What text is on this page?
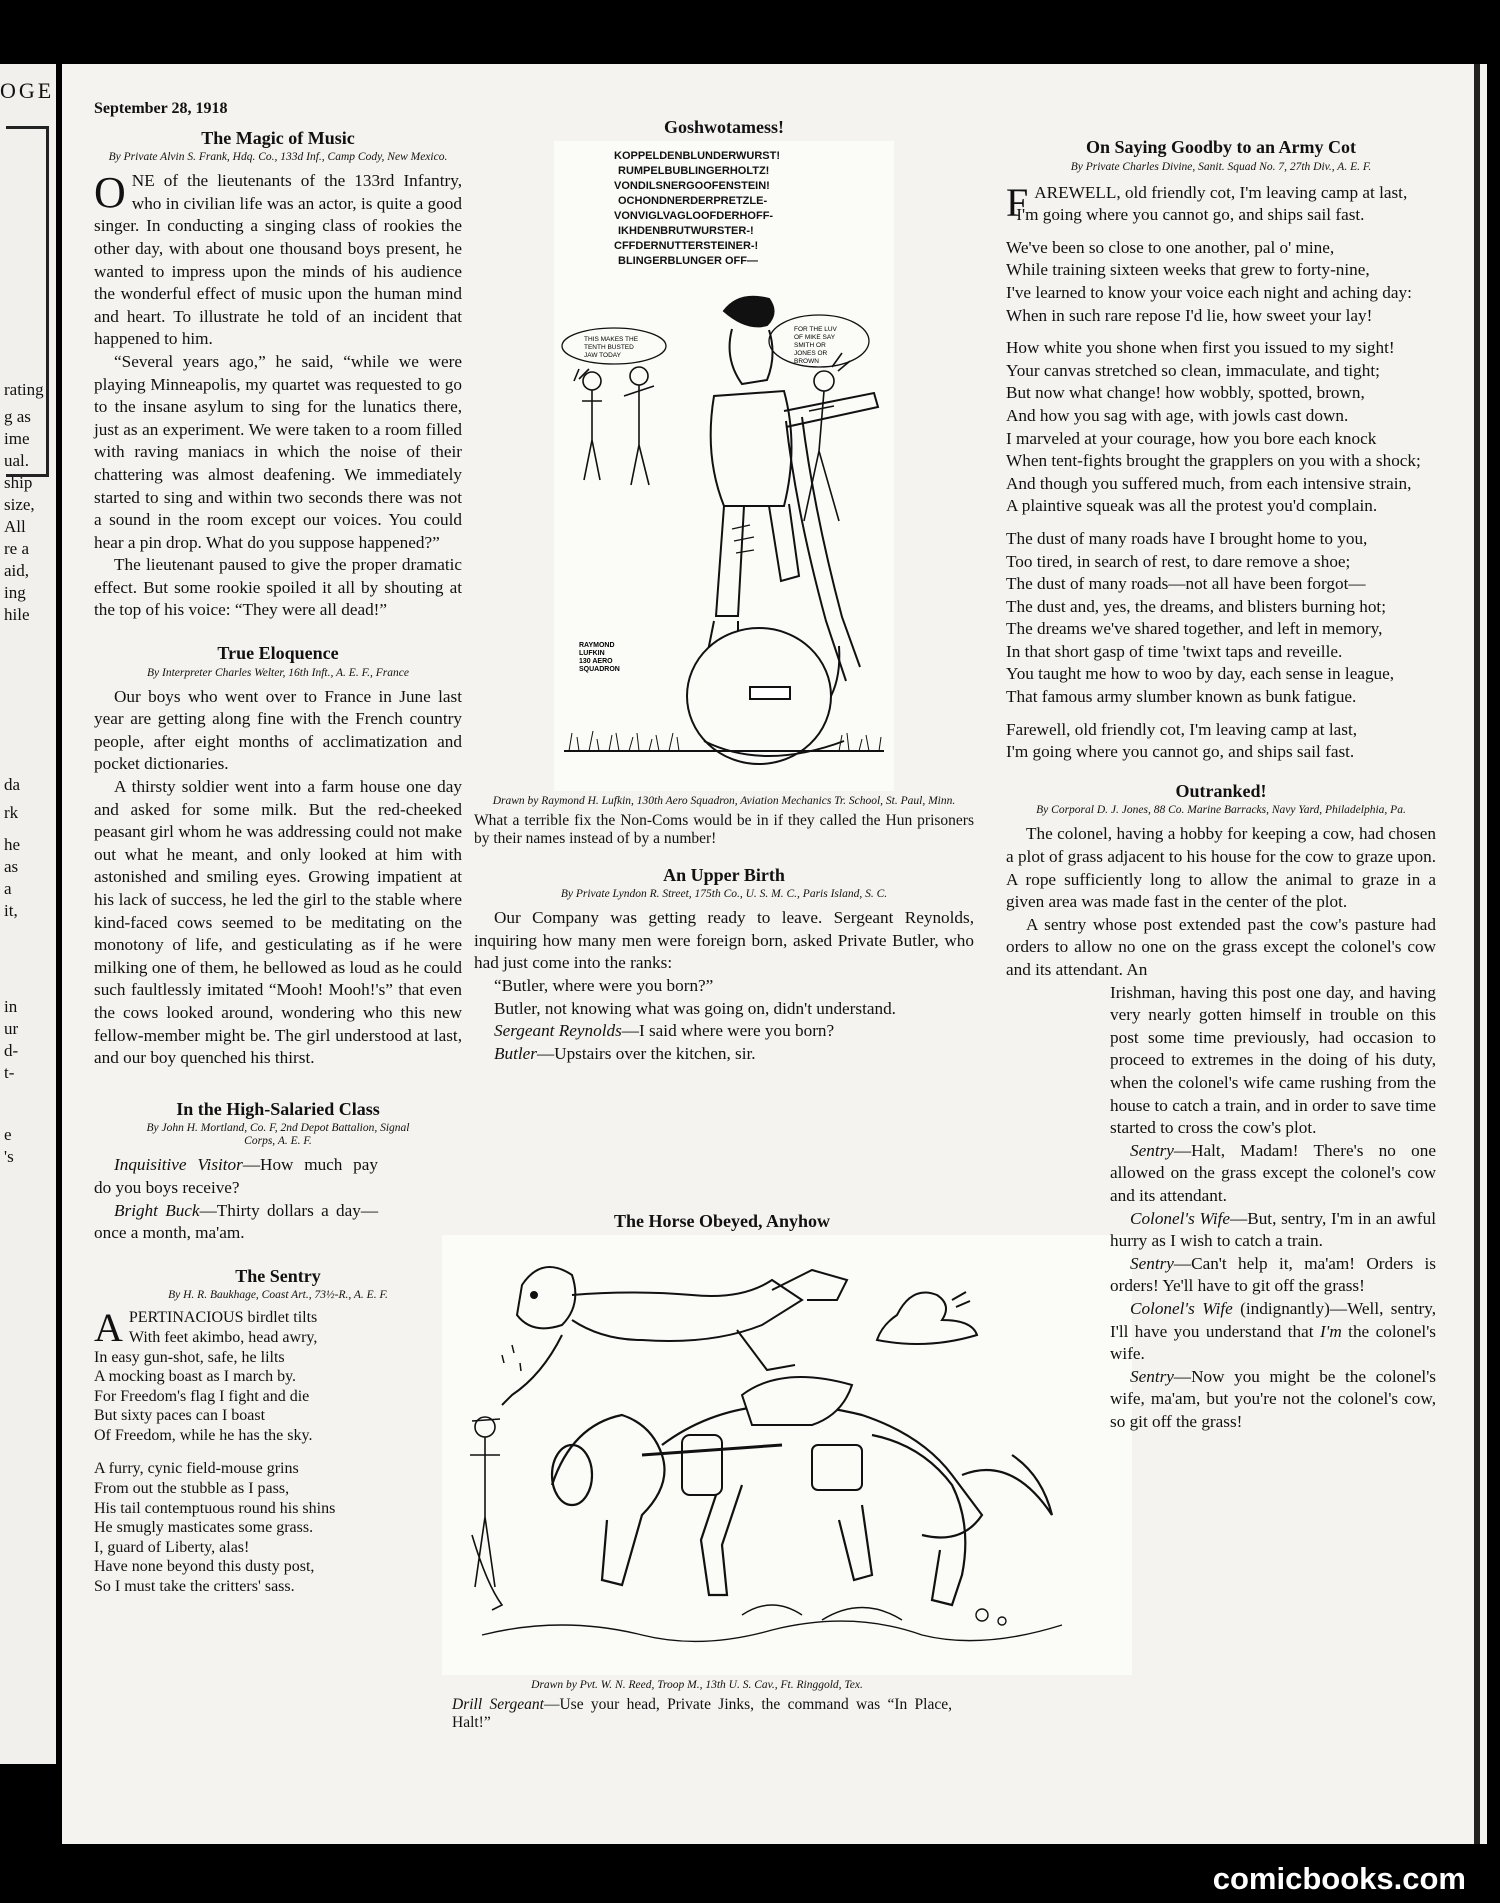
OGE
rating
g as
ime
ual.
ship
size,
All
re a
aid,
ing
hile
da
rk
he
as
a
it,
in
ur
d-
t-
e
's
September 28, 1918
The Magic of Music
By Private Alvin S. Frank, Hdq. Co., 133d Inf., Camp Cody, New Mexico.

ONE of the lieutenants of the 133rd Infantry, who in civilian life was an actor, is quite a good singer. In conducting a singing class of rookies the other day, with about one thousand boys present, he wanted to impress upon the minds of his audience the wonderful effect of music upon the human mind and heart. To illustrate he told of an incident that happened to him.

“Several years ago,” he said, “while we were playing Minneapolis, my quartet was requested to go to the insane asylum to sing for the lunatics there, just as an experiment. We were taken to a room filled with raving maniacs in which the noise of their chattering was almost deafening. We immediately started to sing and within two seconds there was not a sound in the room except our voices. You could hear a pin drop. What do you suppose happened?”

The lieutenant paused to give the proper dramatic effect. But some rookie spoiled it all by shouting at the top of his voice: “They were all dead!”

True Eloquence
By Interpreter Charles Welter, 16th Inft., A. E. F., France

Our boys who went over to France in June last year are getting along fine with the French country people, after eight months of acclimatization and pocket dictionaries.

A thirsty soldier went into a farm house one day and asked for some milk. But the red-cheeked peasant girl whom he was addressing could not make out what he meant, and only looked at him with astonished and smiling eyes. Growing impatient at his lack of success, he led the girl to the stable where kind-faced cows seemed to be meditating on the monotony of life, and gesticulating as if he were milking one of them, he bellowed as loud as he could such faultlessly imitated “Mooh! Mooh!'s” that even the cows looked around, wondering who this new fellow-member might be. The girl understood at last, and our boy quenched his thirst.

In the High-Salaried Class
By John H. Mortland, Co. F, 2nd Depot Battalion, Signal Corps, A. E. F.

Inquisitive Visitor—How much pay do you boys receive?

Bright Buck—Thirty dollars a day—once a month, ma'am.

The Sentry
By H. R. Baukhage, Coast Art., 73½-R., A. E. F.
A PERTINACIOUS birdlet tilts

With feet akimbo, head awry,

In easy gun-shot, safe, he lilts

A mocking boast as I march by.

For Freedom's flag I fight and die

But sixty paces can I boast

Of Freedom, while he has the sky.

A furry, cynic field-mouse grins

From out the stubble as I pass,

His tail contemptuous round his shins

He smugly masticates some grass.

I, guard of Liberty, alas!

Have none beyond this dusty post,

So I must take the critters' sass.

Goshwotamess!
KOPPELDENBLUNDERWURST!
RUMPELBUBLINGERHOLTZ!
VONDILSNERGOOFENSTEIN!
OCHONDNERDERPRETZLE-
VONVIGLVAGLOOFDERHOFF-
IKHDENBRUTWURSTER-!
CFFDERNUTTERSTEINER-!
BLINGERBLUNGER OFF—
THIS MAKES THE TENTH BUSTED JAW TODAY
FOR THE LUV OF MIKE SAY SMITH OR JONES OR BROWN
RAYMOND LUFKIN 130 AERO SQUADRON
Drawn by Raymond H. Lufkin, 130th Aero Squadron, Aviation Mechanics Tr. School, St. Paul, Minn.

What a terrible fix the Non-Coms would be in if they called the Hun prisoners by their names instead of by a number!

An Upper Birth
By Private Lyndon R. Street, 175th Co., U. S. M. C., Paris Island, S. C.

Our Company was getting ready to leave. Sergeant Reynolds, inquiring how many men were foreign born, asked Private Butler, who had just come into the ranks:

“Butler, where were you born?”

Butler, not knowing what was going on, didn't understand.

Sergeant Reynolds—I said where were you born?

Butler—Upstairs over the kitchen, sir.

The Horse Obeyed, Anyhow
Drawn by Pvt. W. N. Reed, Troop M., 13th U. S. Cav., Ft. Ringgold, Tex.

Drill Sergeant—Use your head, Private Jinks, the command was “In Place, Halt!”

On Saying Goodby to an Army Cot
By Private Charles Divine, Sanit. Squad No. 7, 27th Div., A. E. F.

FAREWELL, old friendly cot, I'm leaving camp at last,

I'm going where you cannot go, and ships sail fast.

We've been so close to one another, pal o' mine,

While training sixteen weeks that grew to forty-nine,

I've learned to know your voice each night and aching day:

When in such rare repose I'd lie, how sweet your lay!

How white you shone when first you issued to my sight!

Your canvas stretched so clean, immaculate, and tight;

But now what change! how wobbly, spotted, brown,

And how you sag with age, with jowls cast down.

I marveled at your courage, how you bore each knock

When tent-fights brought the grapplers on you with a shock;

And though you suffered much, from each intensive strain,

A plaintive squeak was all the protest you'd complain.

The dust of many roads have I brought home to you,

Too tired, in search of rest, to dare remove a shoe;

The dust of many roads—not all have been forgot—

The dust and, yes, the dreams, and blisters burning hot;

The dreams we've shared together, and left in memory,

In that short gasp of time 'twixt taps and reveille.

You taught me how to woo by day, each sense in league,

That famous army slumber known as bunk fatigue.

Farewell, old friendly cot, I'm leaving camp at last,

I'm going where you cannot go, and ships sail fast.

Outranked!
By Corporal D. J. Jones, 88 Co. Marine Barracks, Navy Yard, Philadelphia, Pa.

The colonel, having a hobby for keeping a cow, had chosen a plot of grass adjacent to his house for the cow to graze upon. A rope sufficiently long to allow the animal to graze in a given area was made fast in the center of the plot.

A sentry whose post extended past the cow's pasture had orders to allow no one on the grass except the colonel's cow and its attendant. An

Irishman, having this post one day, and having very nearly gotten himself in trouble on this post some time previously, had occasion to proceed to extremes in the doing of his duty, when the colonel's wife came rushing from the house to catch a train, and in order to save time started to cross the cow's plot.

Sentry—Halt, Madam! There's no one allowed on the grass except the colonel's cow and its attendant.

Colonel's Wife—But, sentry, I'm in an awful hurry as I wish to catch a train.

Sentry—Can't help it, ma'am! Orders is orders! Ye'll have to git off the grass!

Colonel's Wife (indignantly)—Well, sentry, I'll have you understand that I'm the colonel's wife.

Sentry—Now you might be the colonel's wife, ma'am, but you're not the colonel's cow, so git off the grass!

comicbooks.com
